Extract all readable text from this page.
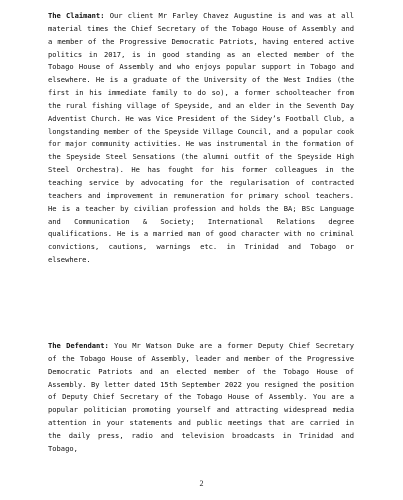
The Claimant: Our client Mr Farley Chavez Augustine is and was at all material times the Chief Secretary of the Tobago House of Assembly and a member of the Progressive Democratic Patriots, having entered active politics in 2017, is in good standing as an elected member of the Tobago House of Assembly and who enjoys popular support in Tobago and elsewhere. He is a graduate of the University of the West Indies (the first in his immediate family to do so), a former schoolteacher from the rural fishing village of Speyside, and an elder in the Seventh Day Adventist Church. He was Vice President of the Sidey’s Football Club, a longstanding member of the Speyside Village Council, and a popular cook for major community activities. He was instrumental in the formation of the Speyside Steel Sensations (the alumni outfit of the Speyside High Steel Orchestra). He has fought for his former colleagues in the teaching service by advocating for the regularisation of contracted teachers and improvement in remuneration for primary school teachers. He is a teacher by civilian profession and holds the BA; BSc Language and Communication & Society; International Relations degree qualifications. He is a married man of good character with no criminal convictions, cautions, warnings etc. in Trinidad and Tobago or elsewhere.

The Defendant: You Mr Watson Duke are a former Deputy Chief Secretary of the Tobago House of Assembly, leader and member of the Progressive Democratic Patriots and an elected member of the Tobago House of Assembly. By letter dated 15th September 2022 you resigned the position of Deputy Chief Secretary of the Tobago House of Assembly. You are a popular politician promoting yourself and attracting widespread media attention in your statements and public meetings that are carried in the daily press, radio and television broadcasts in Trinidad and Tobago,

2
